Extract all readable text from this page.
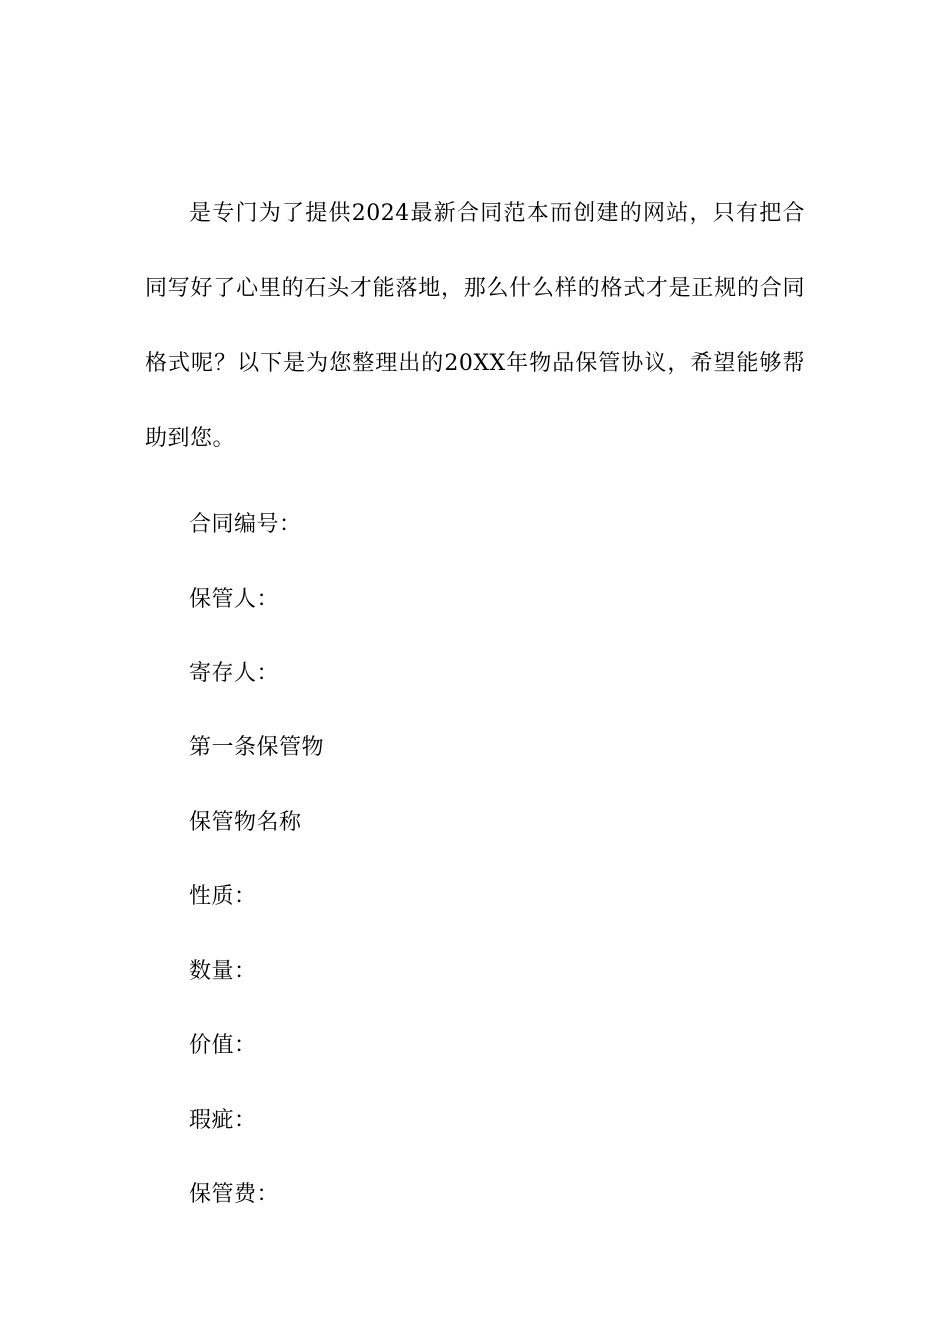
是专门为了提供2024最新合同范本而创建的网站，只有把合同写好了心里的石头才能落地，那么什么样的格式才是正规的合同格式呢？以下是为您整理出的20XX年物品保管协议，希望能够帮助到您。

合同编号：

保管人：

寄存人：

第一条保管物

保管物名称

性质：

数量：

价值：

瑕疵：

保管费：
